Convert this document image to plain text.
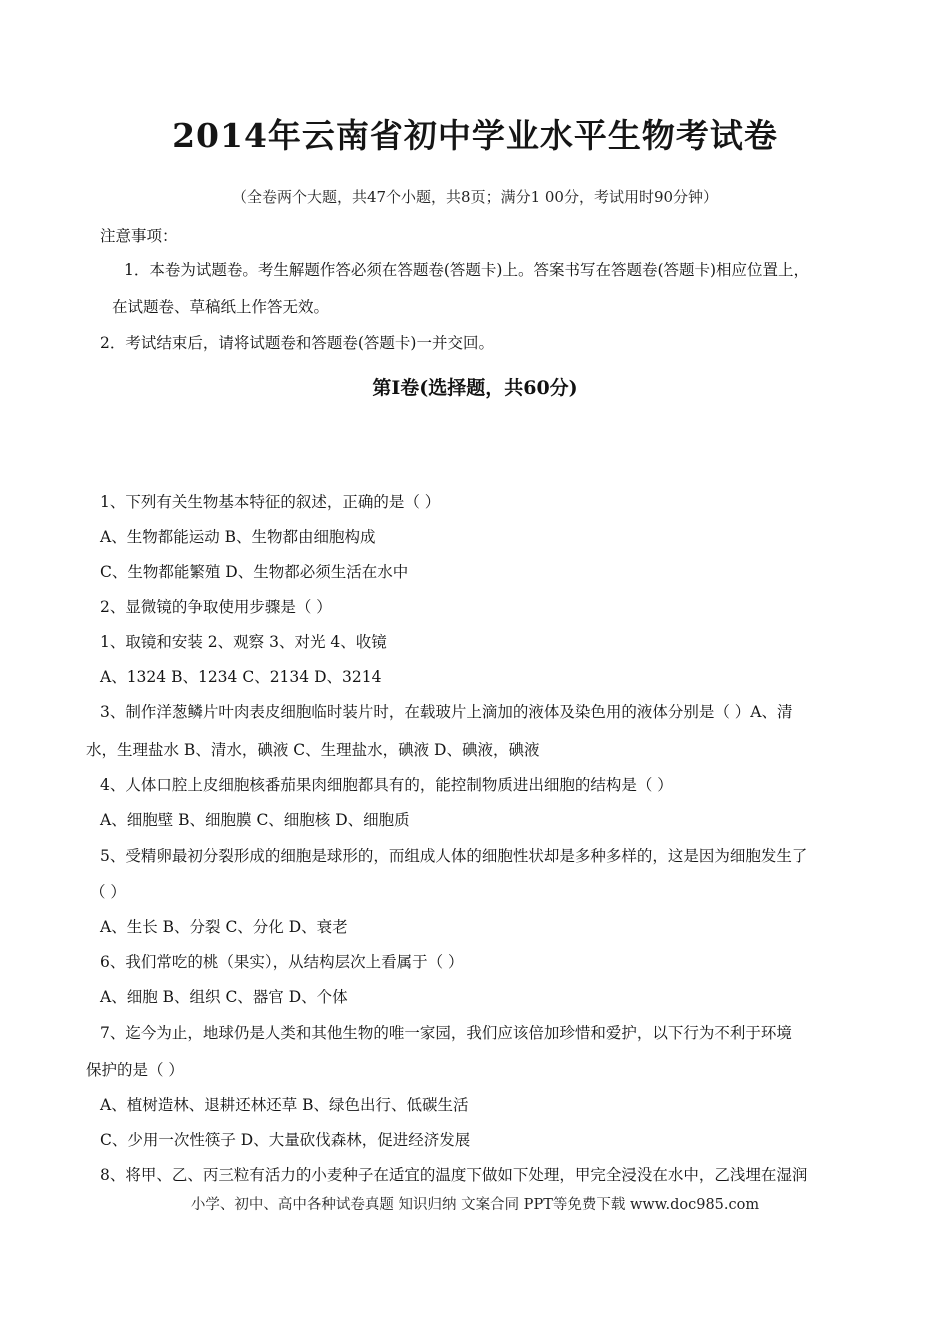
2014年云南省初中学业水平生物考试卷
（全卷两个大题，共47个小题，共8页；满分1 00分，考试用时90分钟）
注意事项：
1．本卷为试题卷。考生解题作答必须在答题卷(答题卡)上。答案书写在答题卷(答题卡)相应位置上，
在试题卷、草稿纸上作答无效。
2．考试结束后，请将试题卷和答题卷(答题卡)一并交回。
第Ⅰ卷(选择题，共60分)
1、下列有关生物基本特征的叙述，正确的是（ ）
A、生物都能运动 B、生物都由细胞构成
C、生物都能繁殖 D、生物都必须生活在水中
2、显微镜的争取使用步骤是（ ）
1、取镜和安装 2、观察 3、对光 4、收镜
A、1324 B、1234 C、2134 D、3214
3、制作洋葱鳞片叶肉表皮细胞临时装片时，在载玻片上滴加的液体及染色用的液体分别是（ ）A、清
水，生理盐水 B、清水，碘液 C、生理盐水，碘液 D、碘液，碘液
4、人体口腔上皮细胞核番茄果肉细胞都具有的，能控制物质进出细胞的结构是（ ）
A、细胞壁 B、细胞膜 C、细胞核 D、细胞质
5、受精卵最初分裂形成的细胞是球形的，而组成人体的细胞性状却是多种多样的，这是因为细胞发生了
（ ）
A、生长 B、分裂 C、分化 D、衰老
6、我们常吃的桃（果实），从结构层次上看属于（ ）
A、细胞 B、组织 C、器官 D、个体
7、迄今为止，地球仍是人类和其他生物的唯一家园，我们应该倍加珍惜和爱护，以下行为不利于环境
保护的是（ ）
A、植树造林、退耕还林还草 B、绿色出行、低碳生活
C、少用一次性筷子 D、大量砍伐森林，促进经济发展
8、将甲、乙、丙三粒有活力的小麦种子在适宜的温度下做如下处理，甲完全浸没在水中，乙浅埋在湿润
小学、初中、高中各种试卷真题 知识归纳 文案合同 PPT等免费下载 www.doc985.com
